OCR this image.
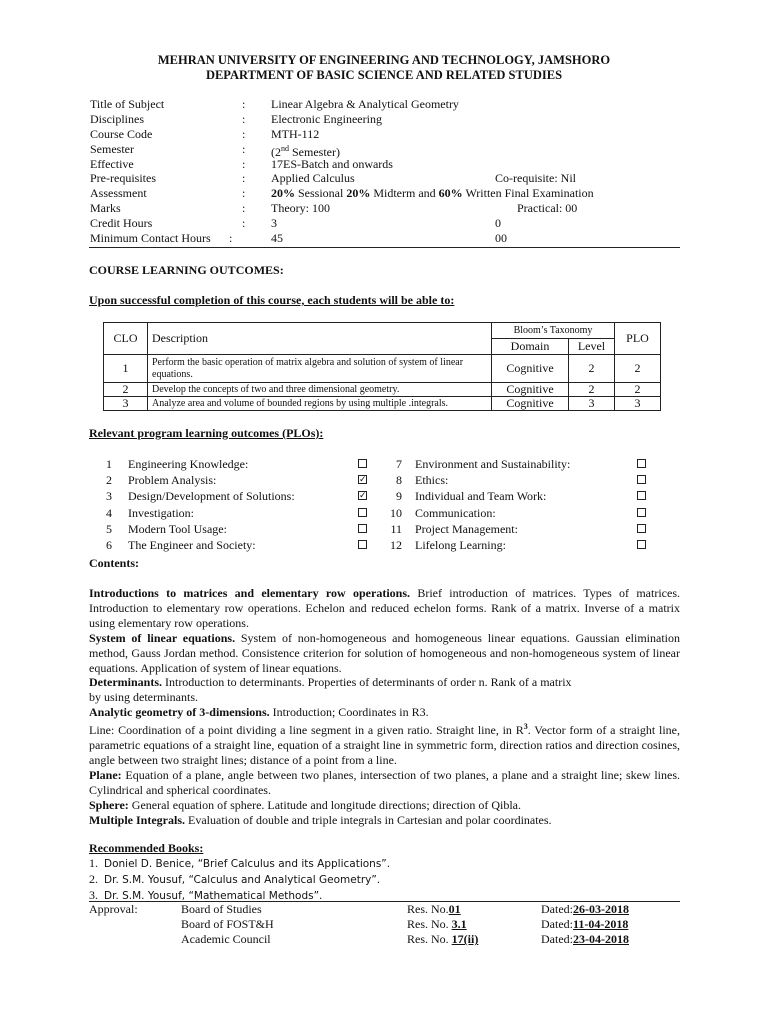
MEHRAN UNIVERSITY OF ENGINEERING AND TECHNOLOGY, JAMSHORO
DEPARTMENT OF BASIC SCIENCE AND RELATED STUDIES
Title of Subject	: Linear Algebra & Analytical Geometry
Disciplines	: Electronic Engineering
Course Code	: MTH-112
Semester	: (2nd Semester)
Effective	: 17ES-Batch and onwards
Pre-requisites	: Applied Calculus	Co-requisite: Nil
Assessment	: 20% Sessional 20% Midterm and 60% Written Final Examination
Marks	: Theory: 100	Practical: 00
Credit Hours	: 3	0
Minimum Contact Hours :	45	00
COURSE LEARNING OUTCOMES:
Upon successful completion of this course, each students will be able to:
CLO	Description	Bloom’s Taxonomy		PLO
		Domain	Level	
1	Perform the basic operation of matrix algebra and solution of system of linear equations.	Cognitive	2	2
2	Develop the concepts of two and three dimensional geometry.	Cognitive	2	2
3	Analyze area and volume of bounded regions by using multiple .integrals.	Cognitive	3	3
Relevant program learning outcomes (PLOs):
1 Engineering Knowledge:
2 Problem Analysis:	✓
3 Design/Development of Solutions:	✓
4 Investigation:
5 Modern Tool Usage:
6 The Engineer and Society:
7 Environment and Sustainability:
8 Ethics:
9 Individual and Team Work:
10 Communication:
11 Project Management:
12 Lifelong Learning:
Contents:

Introductions to matrices and elementary row operations. Brief introduction of matrices. Types of matrices. Introduction to elementary row operations. Echelon and reduced echelon forms. Rank of a matrix. Inverse of a matrix using elementary row operations.

System of linear equations. System of non-homogeneous and homogeneous linear equations. Gaussian elimination method, Gauss Jordan method. Consistence criterion for solution of homogeneous and non-homogeneous system of linear equations. Application of system of linear equations.

Determinants. Introduction to determinants. Properties of determinants of order n. Rank of a matrix
by using determinants.

Analytic geometry of 3-dimensions. Introduction; Coordinates in R3.

Line: Coordination of a point dividing a line segment in a given ratio. Straight line, in $R^3$. Vector form of a straight line, parametric equations of a straight line, equation of a straight line in symmetric form, direction ratios and direction cosines, angle between two straight lines; distance of a point from a line.

Plane: Equation of a plane, angle between two planes, intersection of two planes, a plane and a straight line; skew lines. Cylindrical and spherical coordinates.

Sphere: General equation of sphere. Latitude and longitude directions; direction of Qibla.

Multiple Integrals. Evaluation of double and triple integrals in Cartesian and polar coordinates.

Recommended Books:
1. Doniel D. Benice, “Brief Calculus and its Applications”.
2. Dr. S.M. Yousuf, “Calculus and Analytical Geometry”.
3. Dr. S.M. Yousuf, “Mathematical Methods”.
Approval:	Board of Studies	Res. No.01	Dated:26-03-2018
Board of FOST&H	Res. No. 3.1	Dated:11-04-2018
Academic Council	Res. No. 17(ii)	Dated:23-04-2018
